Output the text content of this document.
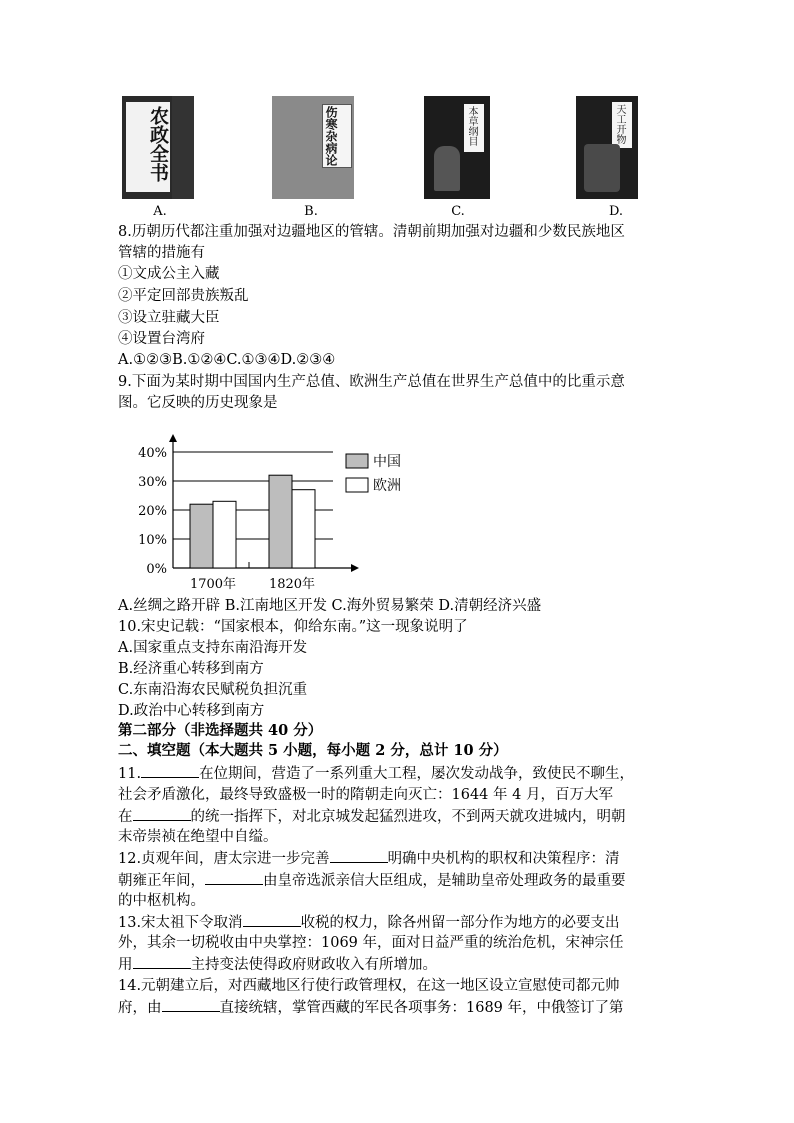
农政全书
A.
伤寒杂病论
B.
本草纲目
C.
天工开物
D.
8.历朝历代都注重加强对边疆地区的管辖。清朝前期加强对边疆和少数民族地区
管辖的措施有
①文成公主入藏
②平定回部贵族叛乱
③设立驻藏大臣
④设置台湾府
A.①②③B.①②④C.①③④D.②③④
9.下面为某时期中国国内生产总值、欧洲生产总值在世界生产总值中的比重示意
图。它反映的历史现象是
0%
10%
20%
30%
40%
1700年	1820年
中国
欧洲
A.丝绸之路开辟 B.江南地区开发 C.海外贸易繁荣 D.清朝经济兴盛
10.宋史记载：“国家根本，仰给东南。”这一现象说明了
A.国家重点支持东南沿海开发
B.经济重心转移到南方
C.东南沿海农民赋税负担沉重
D.政治中心转移到南方
第二部分（非选择题共 40 分）
二、填空题（本大题共 5 小题，每小题 2 分，总计 10 分）
11.	在位期间，营造了一系列重大工程，屡次发动战争，致使民不聊生，
社会矛盾激化，最终导致盛极一时的隋朝走向灭亡：1644 年 4 月，百万大军
在	的统一指挥下，对北京城发起猛烈进攻，不到两天就攻进城内，明朝
末帝崇祯在绝望中自缢。
12.贞观年间，唐太宗进一步完善	明确中央机构的职权和决策程序：清
朝雍正年间，	由皇帝选派亲信大臣组成，是辅助皇帝处理政务的最重要
的中枢机构。
13.宋太祖下令取消	收税的权力，除各州留一部分作为地方的必要支出
外，其余一切税收由中央掌控：1069 年，面对日益严重的统治危机，宋神宗任
用	主持变法使得政府财政收入有所增加。
14.元朝建立后，对西藏地区行使行政管理权，在这一地区设立宣慰使司都元帅
府，由	直接统辖，掌管西藏的军民各项事务：1689 年，中俄签订了第
